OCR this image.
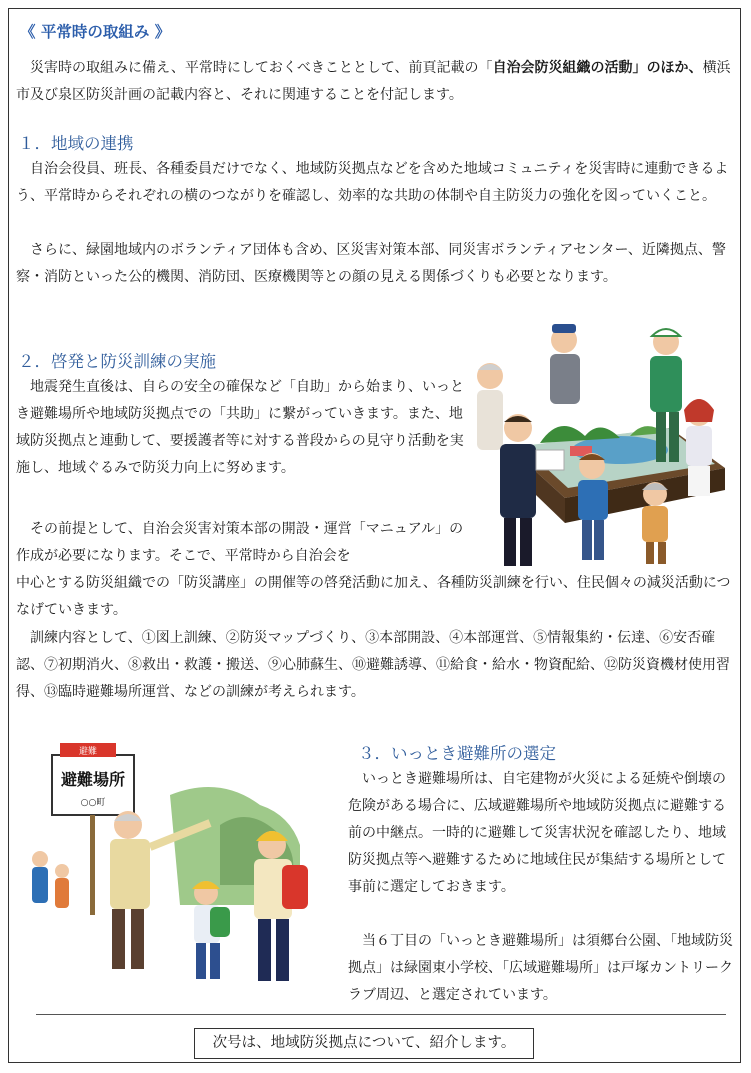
《 平常時の取組み 》

災害時の取組みに備え、平常時にしておくべきこととして、前頁記載の「自治会防災組織の活動」のほか、横浜市及び泉区防災計画の記載内容と、それに関連することを付記します。

１．地域の連携

自治会役員、班長、各種委員だけでなく、地域防災拠点などを含めた地域コミュニティを災害時に連動できるよう、平常時からそれぞれの横のつながりを確認し、効率的な共助の体制や自主防災力の強化を図っていくこと。

さらに、緑園地域内のボランティア団体も含め、区災害対策本部、同災害ボランティアセンター、近隣拠点、警察・消防といった公的機関、消防団、医療機関等との顔の見える関係づくりも必要となります。

２．啓発と防災訓練の実施

地震発生直後は、自らの安全の確保など「自助」から始まり、いっとき避難場所や地域防災拠点での「共助」に繋がっていきます。また、地域防災拠点と連動して、要援護者等に対する普段からの見守り活動を実施し、地域ぐるみで防災力向上に努めます。

その前提として、自治会災害対策本部の開設・運営「マニュアル」の作成が必要になります。そこで、平常時から自治会を

中心とする防災組織での「防災講座」の開催等の啓発活動に加え、各種防災訓練を行い、住民個々の減災活動につなげていきます。

訓練内容として、①図上訓練、②防災マップづくり、③本部開設、④本部運営、⑤情報集約・伝達、⑥安否確認、⑦初期消火、⑧救出・救護・搬送、⑨心肺蘇生、⑩避難誘導、⑪給食・給水・物資配給、⑫防災資機材使用習得、⑬臨時避難場所運営、などの訓練が考えられます。

避難
避難場所
○○町
３．いっとき避難所の選定

いっとき避難場所は、自宅建物が火災による延焼や倒壊の危険がある場合に、広域避難場所や地域防災拠点に避難する前の中継点。一時的に避難して災害状況を確認したり、地域防災拠点等へ避難するために地域住民が集結する場所として事前に選定しておきます。

当６丁目の「いっとき避難場所」は須郷台公園、「地域防災拠点」は緑園東小学校、「広域避難場所」は戸塚カントリークラブ周辺、と選定されています。

次号は、地域防災拠点について、紹介します。
